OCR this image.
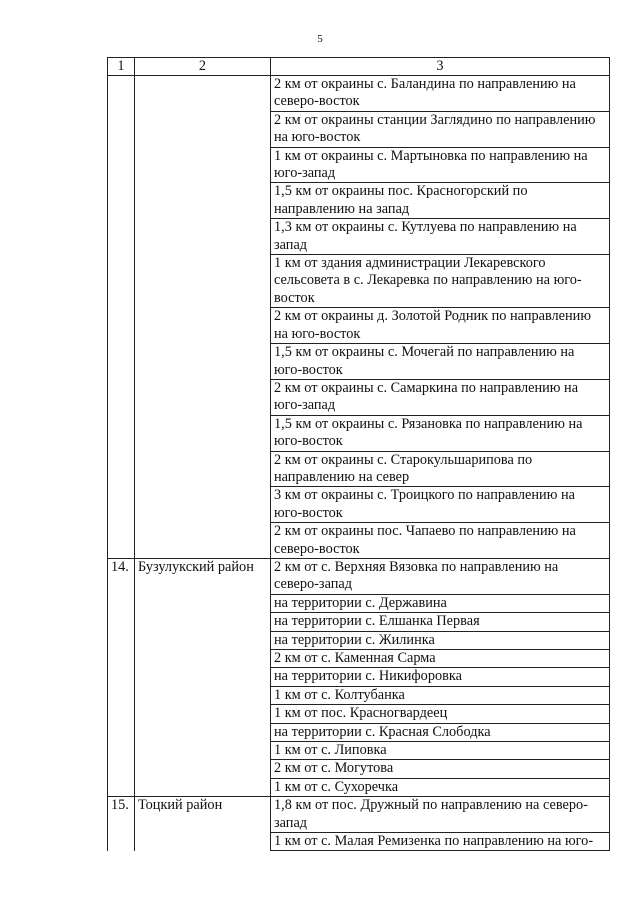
5
1	2	3
		2 км от окраины с. Баландина по направлению на северо-восток
		2 км от окраины станции Заглядино по направлению на юго-восток
		1 км от окраины с. Мартыновка по направлению на юго-запад
		1,5 км от окраины пос. Красногорский по направлению на запад
		1,3 км от окраины с. Кутлуева по направлению на запад
		1 км от здания администрации Лекаревского сельсовета в с. Лекаревка по направлению на юго-восток
		2 км от окраины д. Золотой Родник по направлению на юго-восток
		1,5 км от окраины с. Мочегай по направлению на юго-восток
		2 км от окраины с. Самаркина по направлению на юго-запад
		1,5 км от окраины с. Рязановка по направлению на юго-восток
		2 км от окраины с. Старокульшарипова по направлению на север
		3 км от окраины с. Троицкого по направлению на юго-восток
		2 км от окраины пос. Чапаево по направлению на северо-восток
14.	Бузулукский район	2 км от с. Верхняя Вязовка по направлению на северо-запад
		на территории с. Державина
		на территории с. Елшанка Первая
		на территории с. Жилинка
		2 км от с. Каменная Сарма
		на территории с. Никифоровка
		1 км от с. Колтубанка
		1 км от пос. Красногвардеец
		на территории с. Красная Слободка
		1 км от с. Липовка
		2 км от с. Могутова
		1 км от с. Сухоречка
15.	Тоцкий район	1,8 км от пос. Дружный по направлению на северо-запад
		1 км от с. Малая Ремизенка по направлению на юго-
